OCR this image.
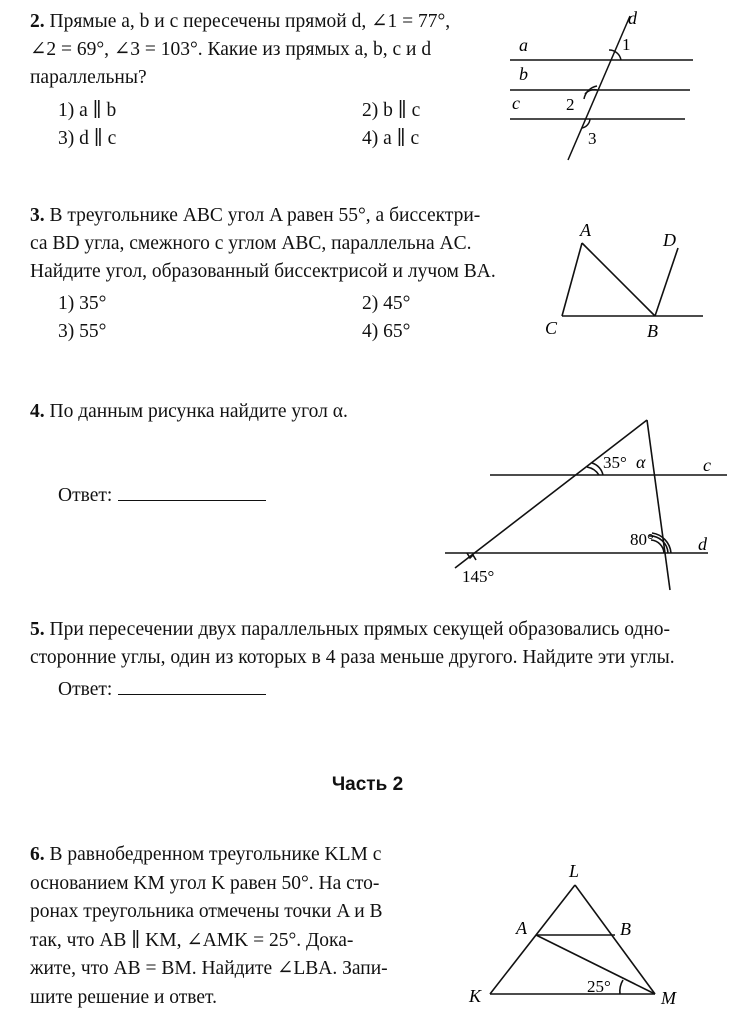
2. Прямые a, b и c пересечены прямой d, ∠1 = 77°,
∠2 = 69°, ∠3 = 103°. Какие из прямых a, b, c и d
параллельны?
1) a ∥ b	2) b ∥ c
3) d ∥ c	4) a ∥ c
a
b
c
d
1
2
3
3. В треугольнике ABC угол A равен 55°, а биссектри-
са BD угла, смежного с углом ABC, параллельна AC.
Найдите угол, образованный биссектрисой и лучом BA.
1) 35°	2) 45°
3) 55°	4) 65°
A	D
C	B
4. По данным рисунка найдите угол α.
Ответ:
35° α	c
80° d
145°
5. При пересечении двух параллельных прямых секущей образовались одно-
сторонние углы, один из которых в 4 раза меньше другого. Найдите эти углы.
Ответ:
Часть 2
6. В равнобедренном треугольнике KLM с
основанием KM угол K равен 50°. На сто-
ронах треугольника отмечены точки A и B
так, что AB ∥ KM, ∠AMK = 25°. Дока-
жите, что AB = BM. Найдите ∠LBA. Запи-
шите решение и ответ.
L
A	B
25°
K	M
